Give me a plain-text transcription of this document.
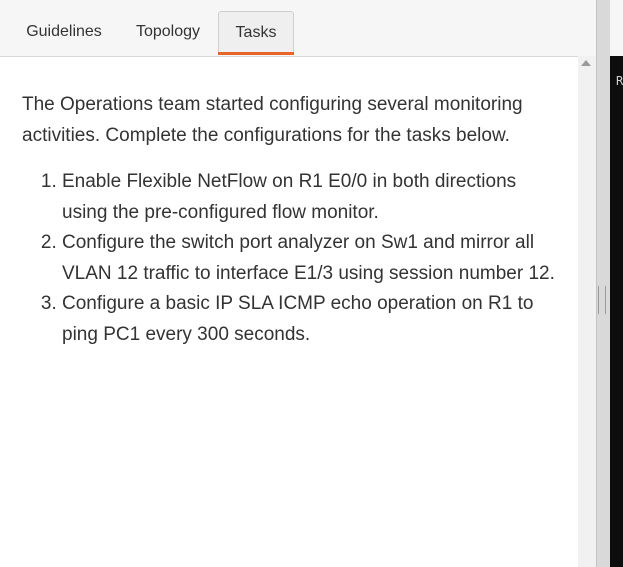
Guidelines	Topology	Tasks

The Operations team started configuring several monitoring activities. Complete the configurations for the tasks below.

1. Enable Flexible NetFlow on R1 E0/0 in both directions using the pre-configured flow monitor.
2. Configure the switch port analyzer on Sw1 and mirror all VLAN 12 traffic to interface E1/3 using session number 12.
3. Configure a basic IP SLA ICMP echo operation on R1 to ping PC1 every 300 seconds.
R
